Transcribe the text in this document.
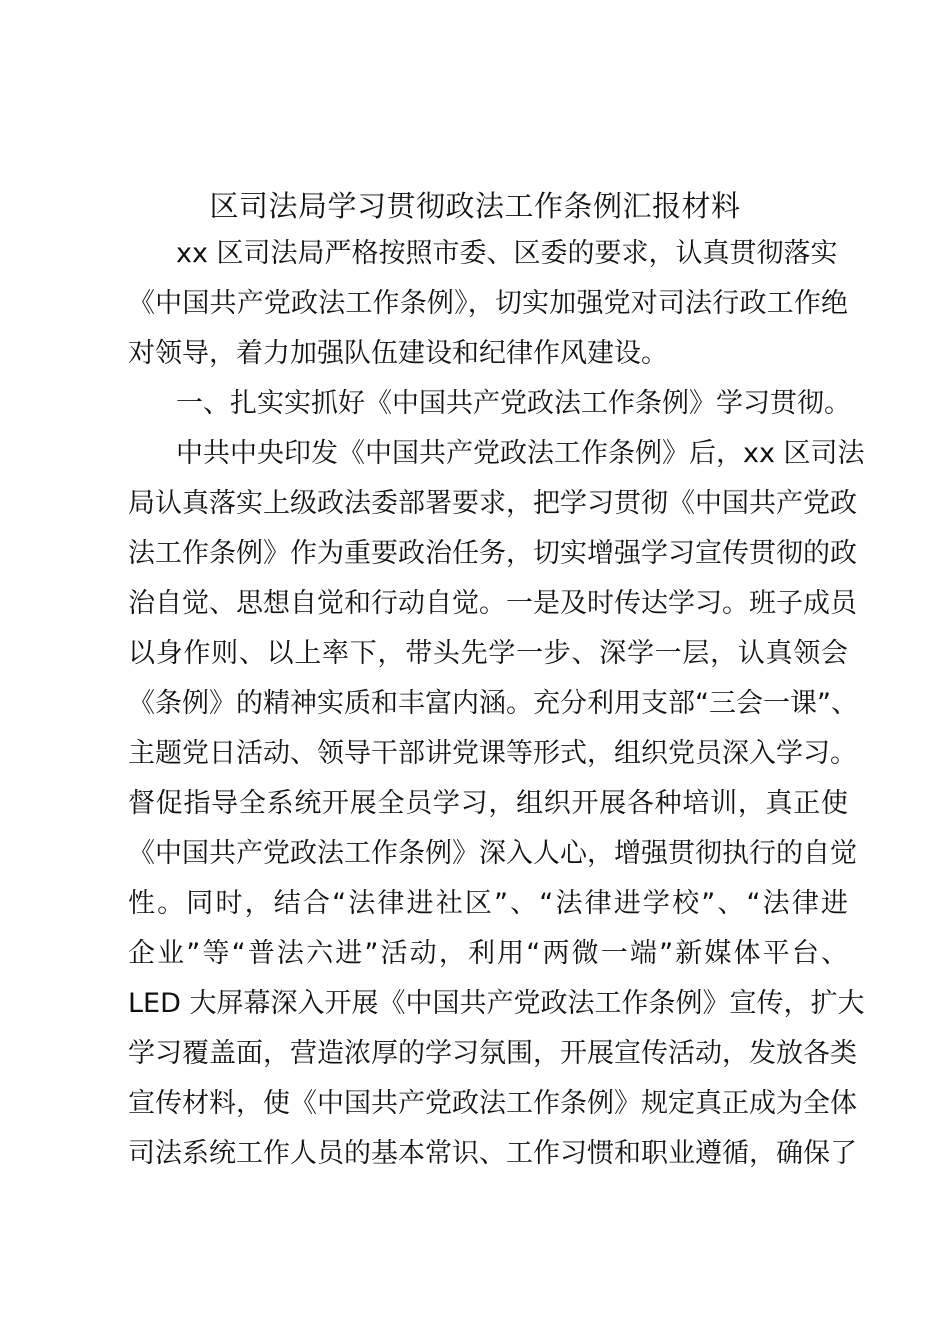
区司法局学习贯彻政法工作条例汇报材料
xx 区司法局严格按照市委、区委的要求，认真贯彻落实
《中国共产党政法工作条例》，切实加强党对司法行政工作绝
对领导，着力加强队伍建设和纪律作风建设。
一、扎实实抓好《中国共产党政法工作条例》学习贯彻。
中共中央印发《中国共产党政法工作条例》后，xx 区司法
局认真落实上级政法委部署要求，把学习贯彻《中国共产党政
法工作条例》作为重要政治任务，切实增强学习宣传贯彻的政
治自觉、思想自觉和行动自觉。一是及时传达学习。班子成员
以身作则、以上率下，带头先学一步、深学一层，认真领会
《条例》的精神实质和丰富内涵。充分利用支部“三会一课”、
主题党日活动、领导干部讲党课等形式，组织党员深入学习。
督促指导全系统开展全员学习，组织开展各种培训，真正使
《中国共产党政法工作条例》深入人心，增强贯彻执行的自觉
性。同时，结合“法律进社区”、“法律进学校”、“法律进
企业”等“普法六进”活动，利用“两微一端”新媒体平台、
LED 大屏幕深入开展《中国共产党政法工作条例》宣传，扩大
学习覆盖面，营造浓厚的学习氛围，开展宣传活动，发放各类
宣传材料，使《中国共产党政法工作条例》规定真正成为全体
司法系统工作人员的基本常识、工作习惯和职业遵循，确保了
